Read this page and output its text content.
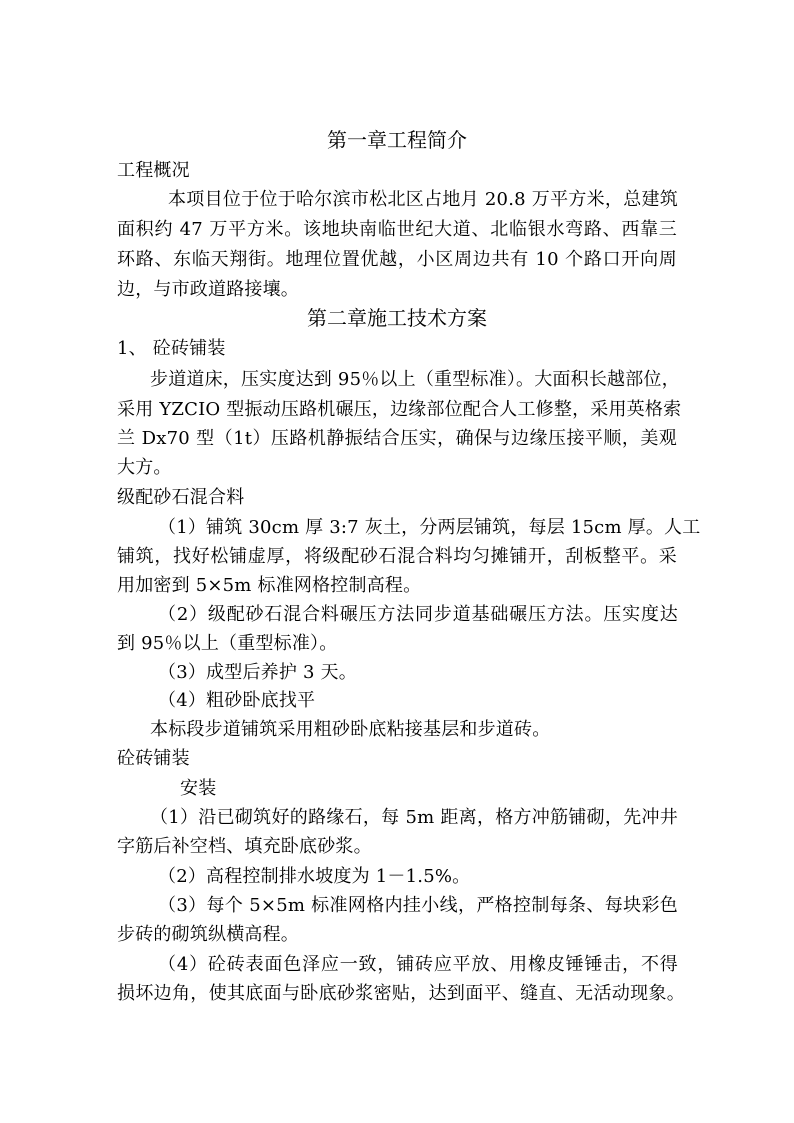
第一章工程简介
工程概况
本项目位于位于哈尔滨市松北区占地月 20.8 万平方米，总建筑
面积约 47 万平方米。该地块南临世纪大道、北临银水弯路、西靠三
环路、东临天翔街。地理位置优越，小区周边共有 10 个路口开向周
边，与市政道路接壤。
第二章施工技术方案
1、 砼砖铺装
步道道床，压实度达到 95％以上（重型标准）。大面积长越部位，
采用 YZCIO 型振动压路机碾压，边缘部位配合人工修整，采用英格索
兰 Dx70 型（1t）压路机静振结合压实，确保与边缘压接平顺，美观
大方。
级配砂石混合料
（1）铺筑 30cm 厚 3:7 灰土，分两层铺筑，每层 15cm 厚。人工
铺筑，找好松铺虚厚，将级配砂石混合料均匀摊铺开，刮板整平。采
用加密到 5×5m 标准网格控制高程。
（2）级配砂石混合料碾压方法同步道基础碾压方法。压实度达
到 95％以上（重型标准）。
（3）成型后养护 3 天。
（4）粗砂卧底找平
本标段步道铺筑采用粗砂卧底粘接基层和步道砖。
砼砖铺装
安装
（1）沿已砌筑好的路缘石，每 5m 距离，格方冲筋铺砌，先冲井
字筋后补空档、填充卧底砂浆。
（2）高程控制排水坡度为 1－1.5%。
（3）每个 5×5m 标准网格内挂小线，严格控制每条、每块彩色
步砖的砌筑纵横高程。
（4）砼砖表面色泽应一致，铺砖应平放、用橡皮锤锤击，不得
损坏边角，使其底面与卧底砂浆密贴，达到面平、缝直、无活动现象。
